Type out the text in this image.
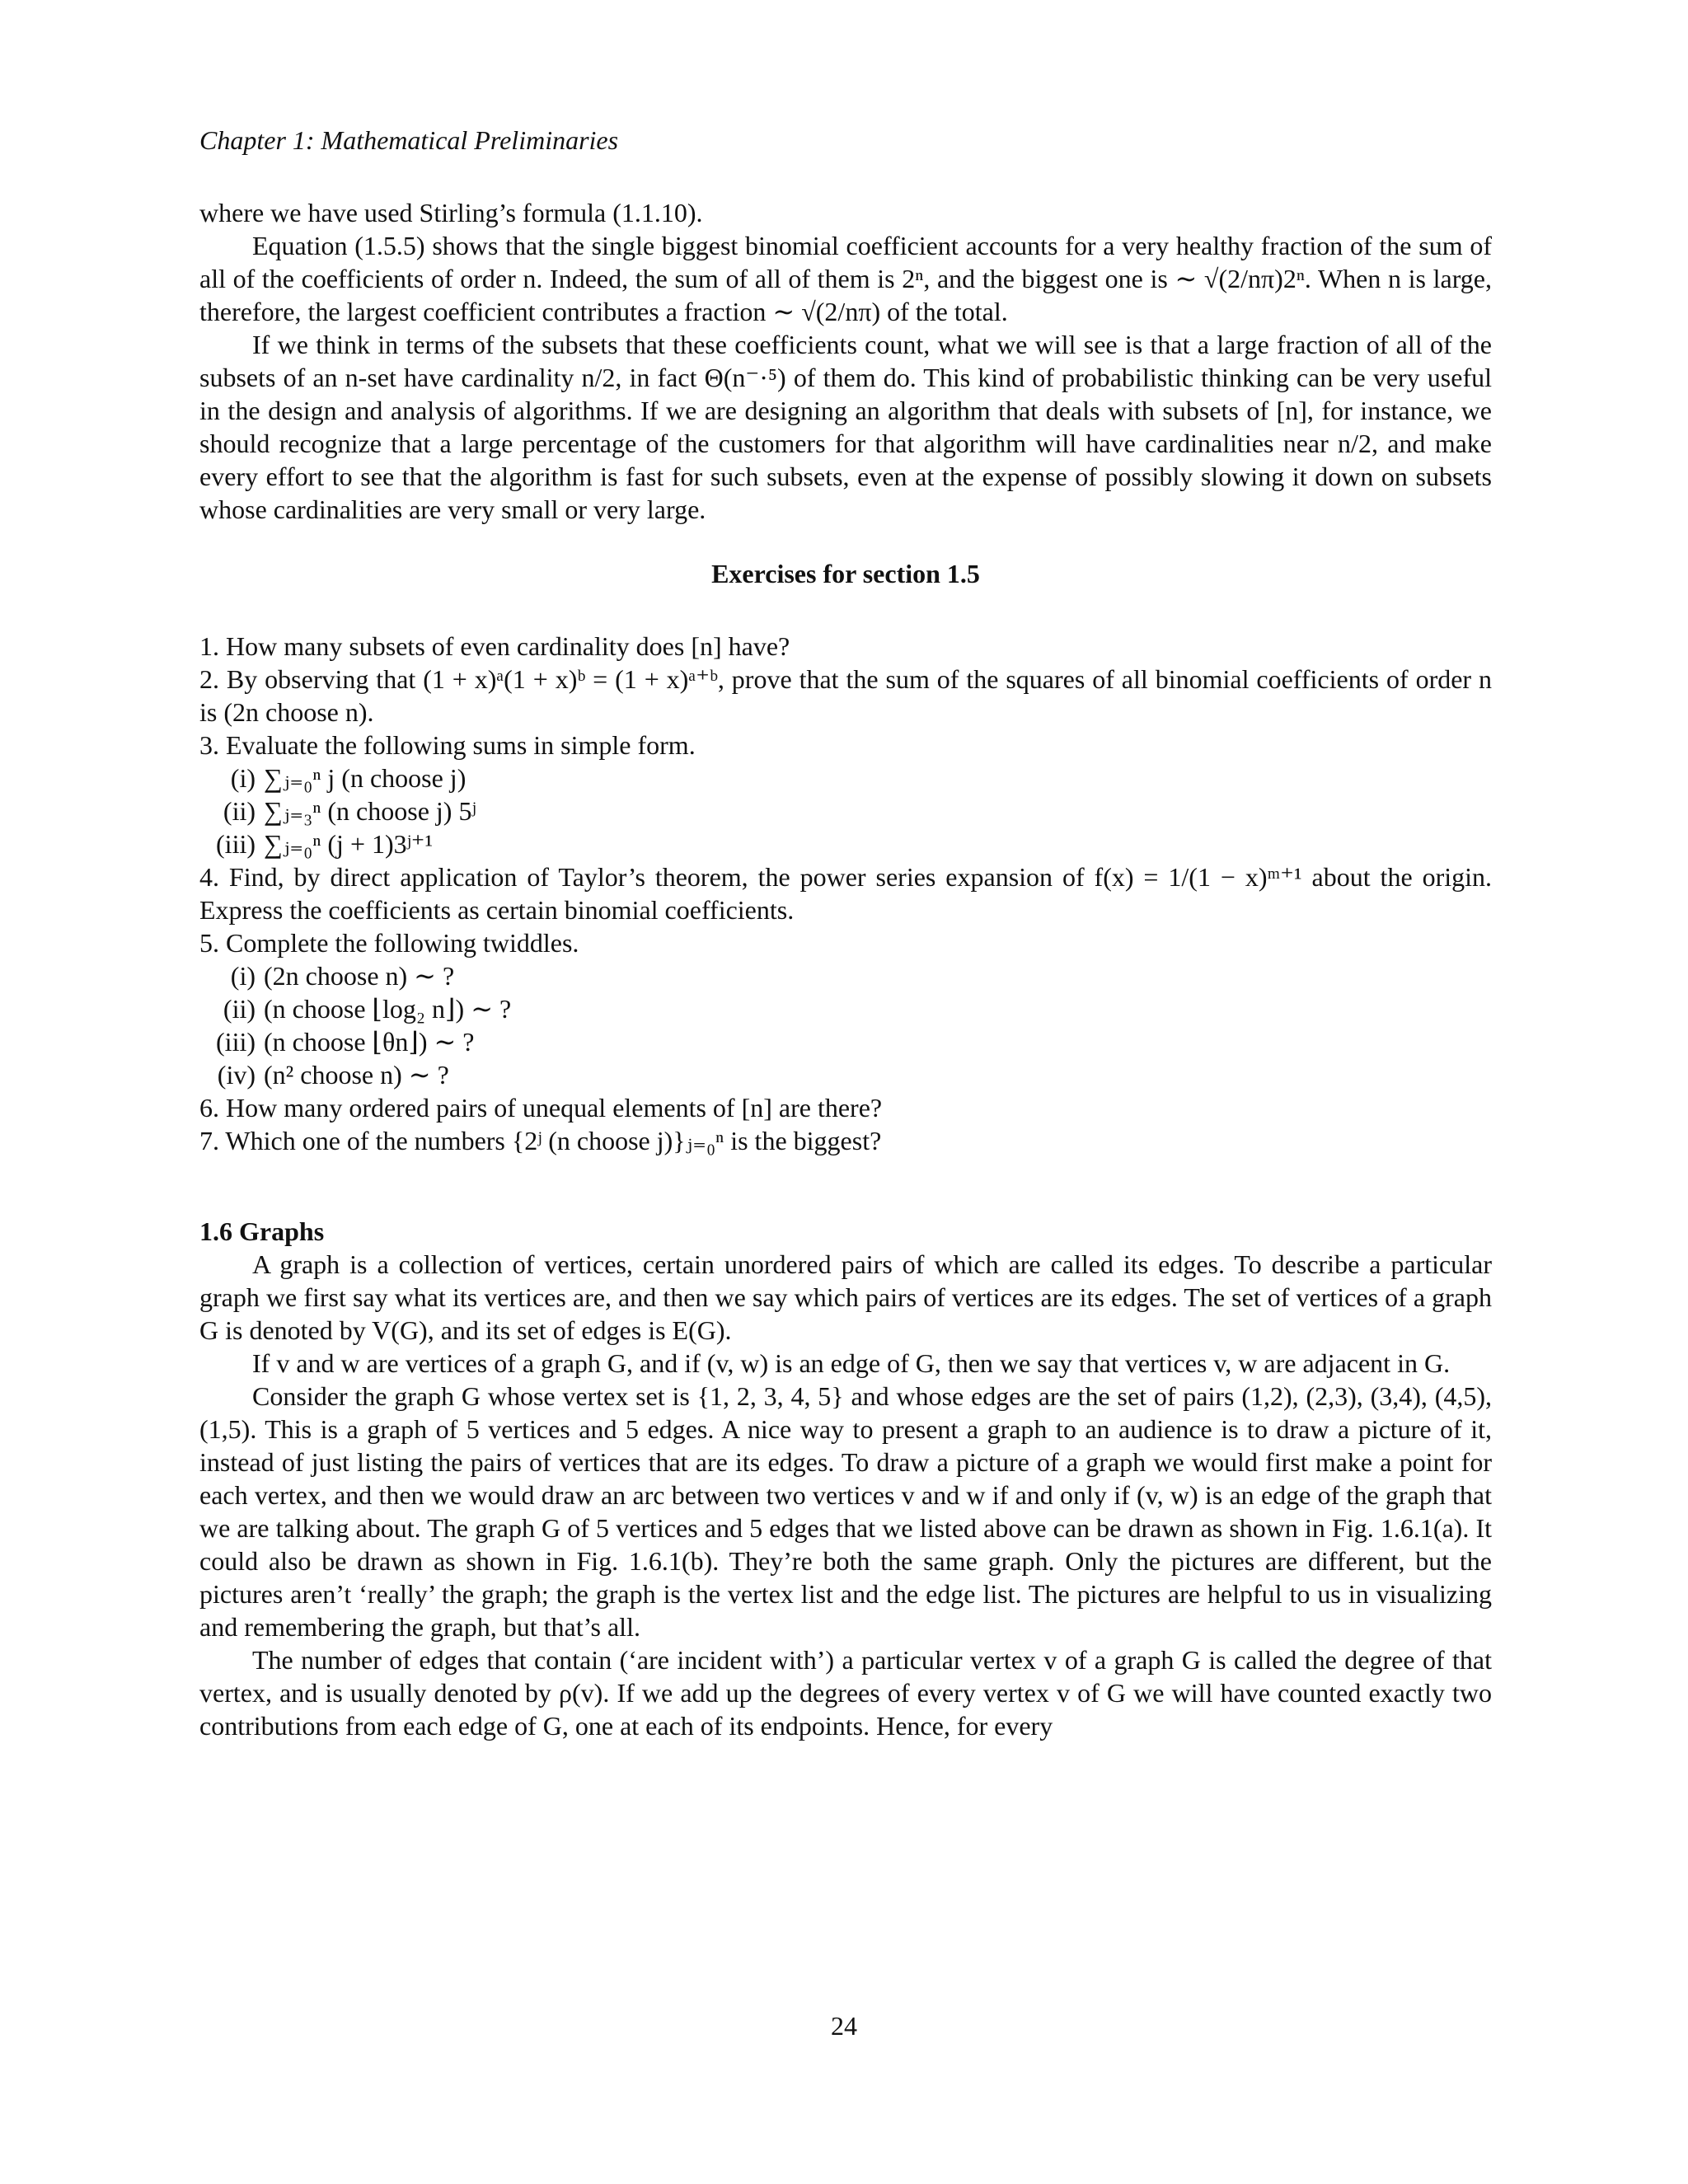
Chapter 1: Mathematical Preliminaries

where we have used Stirling’s formula (1.1.10).

Equation (1.5.5) shows that the single biggest binomial coefficient accounts for a very healthy fraction of the sum of all of the coefficients of order n. Indeed, the sum of all of them is 2ⁿ, and the biggest one is ∼ √(2/nπ)2ⁿ. When n is large, therefore, the largest coefficient contributes a fraction ∼ √(2/nπ) of the total.

If we think in terms of the subsets that these coefficients count, what we will see is that a large fraction of all of the subsets of an n-set have cardinality n/2, in fact Θ(n⁻·⁵) of them do. This kind of probabilistic thinking can be very useful in the design and analysis of algorithms. If we are designing an algorithm that deals with subsets of [n], for instance, we should recognize that a large percentage of the customers for that algorithm will have cardinalities near n/2, and make every effort to see that the algorithm is fast for such subsets, even at the expense of possibly slowing it down on subsets whose cardinalities are very small or very large.

Exercises for section 1.5

1. How many subsets of even cardinality does [n] have?

2. By observing that (1 + x)ᵃ(1 + x)ᵇ = (1 + x)ᵃ⁺ᵇ, prove that the sum of the squares of all binomial coefficients of order n is (2n choose n).

3. Evaluate the following sums in simple form.

(i) ∑ⱼ₌₀ⁿ j (n choose j)
(ii) ∑ⱼ₌₃ⁿ (n choose j) 5ʲ
(iii) ∑ⱼ₌₀ⁿ (j + 1)3ʲ⁺¹

4. Find, by direct application of Taylor’s theorem, the power series expansion of f(x) = 1/(1 − x)ᵐ⁺¹ about the origin. Express the coefficients as certain binomial coefficients.

5. Complete the following twiddles.

(i) (2n choose n) ∼ ?
(ii) (n choose ⌊log₂ n⌋) ∼ ?
(iii) (n choose ⌊θn⌋) ∼ ?
(iv) (n² choose n) ∼ ?

6. How many ordered pairs of unequal elements of [n] are there?

7. Which one of the numbers {2ʲ (n choose j)}ⱼ₌₀ⁿ is the biggest?

1.6 Graphs

A graph is a collection of vertices, certain unordered pairs of which are called its edges. To describe a particular graph we first say what its vertices are, and then we say which pairs of vertices are its edges. The set of vertices of a graph G is denoted by V(G), and its set of edges is E(G).

If v and w are vertices of a graph G, and if (v, w) is an edge of G, then we say that vertices v, w are adjacent in G.

Consider the graph G whose vertex set is {1, 2, 3, 4, 5} and whose edges are the set of pairs (1,2), (2,3), (3,4), (4,5), (1,5). This is a graph of 5 vertices and 5 edges. A nice way to present a graph to an audience is to draw a picture of it, instead of just listing the pairs of vertices that are its edges. To draw a picture of a graph we would first make a point for each vertex, and then we would draw an arc between two vertices v and w if and only if (v, w) is an edge of the graph that we are talking about. The graph G of 5 vertices and 5 edges that we listed above can be drawn as shown in Fig. 1.6.1(a). It could also be drawn as shown in Fig. 1.6.1(b). They’re both the same graph. Only the pictures are different, but the pictures aren’t ‘really’ the graph; the graph is the vertex list and the edge list. The pictures are helpful to us in visualizing and remembering the graph, but that’s all.

The number of edges that contain (‘are incident with’) a particular vertex v of a graph G is called the degree of that vertex, and is usually denoted by ρ(v). If we add up the degrees of every vertex v of G we will have counted exactly two contributions from each edge of G, one at each of its endpoints. Hence, for every

24
